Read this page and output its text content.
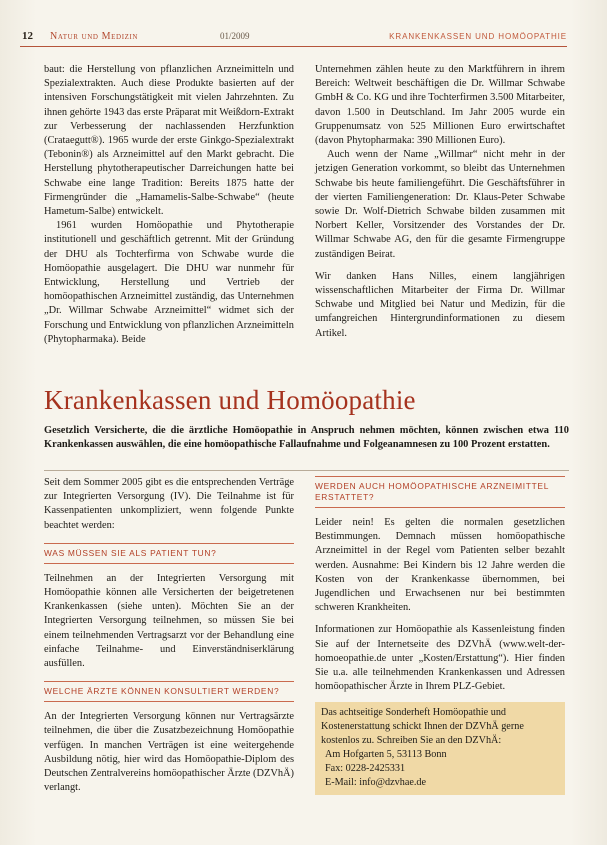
12 Natur und Medizin	01/2009	KRANKENKASSEN UND HOMÖOPATHIE

baut: die Herstellung von pflanzlichen Arzneimitteln und Spezialextrakten. Auch diese Produkte basierten auf der intensiven Forschungstätigkeit mit vielen Jahrzehnten. Zu ihnen gehörte 1943 das erste Präparat mit Weißdorn-Extrakt zur Verbesserung der nachlassenden Herzfunktion (Crataegutt®). 1965 wurde der erste Ginkgo-Spezialextrakt (Tebonin®) als Arzneimittel auf den Markt gebracht. Die Herstellung phytotherapeutischer Darreichungen hatte bei Schwabe eine lange Tradition: Bereits 1875 hatte der Firmengründer die „Hamamelis-Salbe-Schwabe“ (heute Hametum-Salbe) entwickelt.

1961 wurden Homöopathie und Phytotherapie institutionell und geschäftlich getrennt. Mit der Gründung der DHU als Tochterfirma von Schwabe wurde die Homöopathie ausgelagert. Die DHU war nunmehr für Entwicklung, Herstellung und Vertrieb der homöopathischen Arzneimittel zuständig, das Unternehmen „Dr. Willmar Schwabe Arzneimittel“ widmet sich der Forschung und Entwicklung von pflanzlichen Arzneimitteln (Phytopharmaka). Beide

Unternehmen zählen heute zu den Marktführern in ihrem Bereich: Weltweit beschäftigen die Dr. Willmar Schwabe GmbH & Co. KG und ihre Tochterfirmen 3.500 Mitarbeiter, davon 1.500 in Deutschland. Im Jahr 2005 wurde ein Gruppenumsatz von 525 Millionen Euro erwirtschaftet (davon Phytopharmaka: 390 Millionen Euro).

Auch wenn der Name „Willmar“ nicht mehr in der jetzigen Generation vorkommt, so bleibt das Unternehmen Schwabe bis heute familiengeführt. Die Geschäftsführer in der vierten Familiengeneration: Dr. Klaus-Peter Schwabe sowie Dr. Wolf-Dietrich Schwabe bilden zusammen mit Norbert Keller, Vorsitzender des Vorstandes der Dr. Willmar Schwabe AG, den für die gesamte Firmengruppe zuständigen Beirat.

Wir danken Hans Nilles, einem langjährigen wissenschaftlichen Mitarbeiter der Firma Dr. Willmar Schwabe und Mitglied bei Natur und Medizin, für die umfangreichen Hintergrundinformationen zu diesem Artikel.

Krankenkassen und Homöopathie
Gesetzlich Versicherte, die die ärztliche Homöopathie in Anspruch nehmen möchten, können zwischen etwa 110 Krankenkassen auswählen, die eine homöopathische Fallaufnahme und Folgeanamnesen zu 100 Prozent erstatten.

Seit dem Sommer 2005 gibt es die entsprechenden Verträge zur Integrierten Versorgung (IV). Die Teilnahme ist für Kassenpatienten unkompliziert, wenn folgende Punkte beachtet werden:

WAS MÜSSEN SIE ALS PATIENT TUN?

Teilnehmen an der Integrierten Versorgung mit Homöopathie können alle Versicherten der beigetretenen Krankenkassen (siehe unten). Möchten Sie an der Integrierten Versorgung teilnehmen, so müssen Sie bei einem teilnehmenden Vertragsarzt vor der Behandlung eine einfache Teilnahme- und Einverständniserklärung ausfüllen.

WELCHE ÄRZTE KÖNNEN KONSULTIERT WERDEN?

An der Integrierten Versorgung können nur Vertragsärzte teilnehmen, die über die Zusatzbezeichnung Homöopathie verfügen. In manchen Verträgen ist eine weitergehende Ausbildung nötig, hier wird das Homöopathie-Diplom des Deutschen Zentralvereins homöopathischer Ärzte (DZVhÄ) verlangt.

WERDEN AUCH HOMÖOPATHISCHE ARZNEIMITTEL ERSTATTET?

Leider nein! Es gelten die normalen gesetzlichen Bestimmungen. Demnach müssen homöopathische Arzneimittel in der Regel vom Patienten selber bezahlt werden. Ausnahme: Bei Kindern bis 12 Jahre werden die Kosten von der Krankenkasse übernommen, bei Jugendlichen und Erwachsenen nur bei bestimmten schweren Krankheiten.

Informationen zur Homöopathie als Kassenleistung finden Sie auf der Internetseite des DZVhÄ (www.welt-der-homoeopathie.de unter „Kosten/Erstattung“). Hier finden Sie u.a. alle teilnehmenden Krankenkassen und Adressen homöopathischer Ärzte in Ihrem PLZ-Gebiet.

Das achtseitige Sonderheft Homöopathie und Kostenerstattung schickt Ihnen der DZVhÄ gerne kostenlos zu. Schreiben Sie an den DZVhÄ:
Am Hofgarten 5, 53113 Bonn
Fax: 0228-2425331
E-Mail: info@dzvhae.de
